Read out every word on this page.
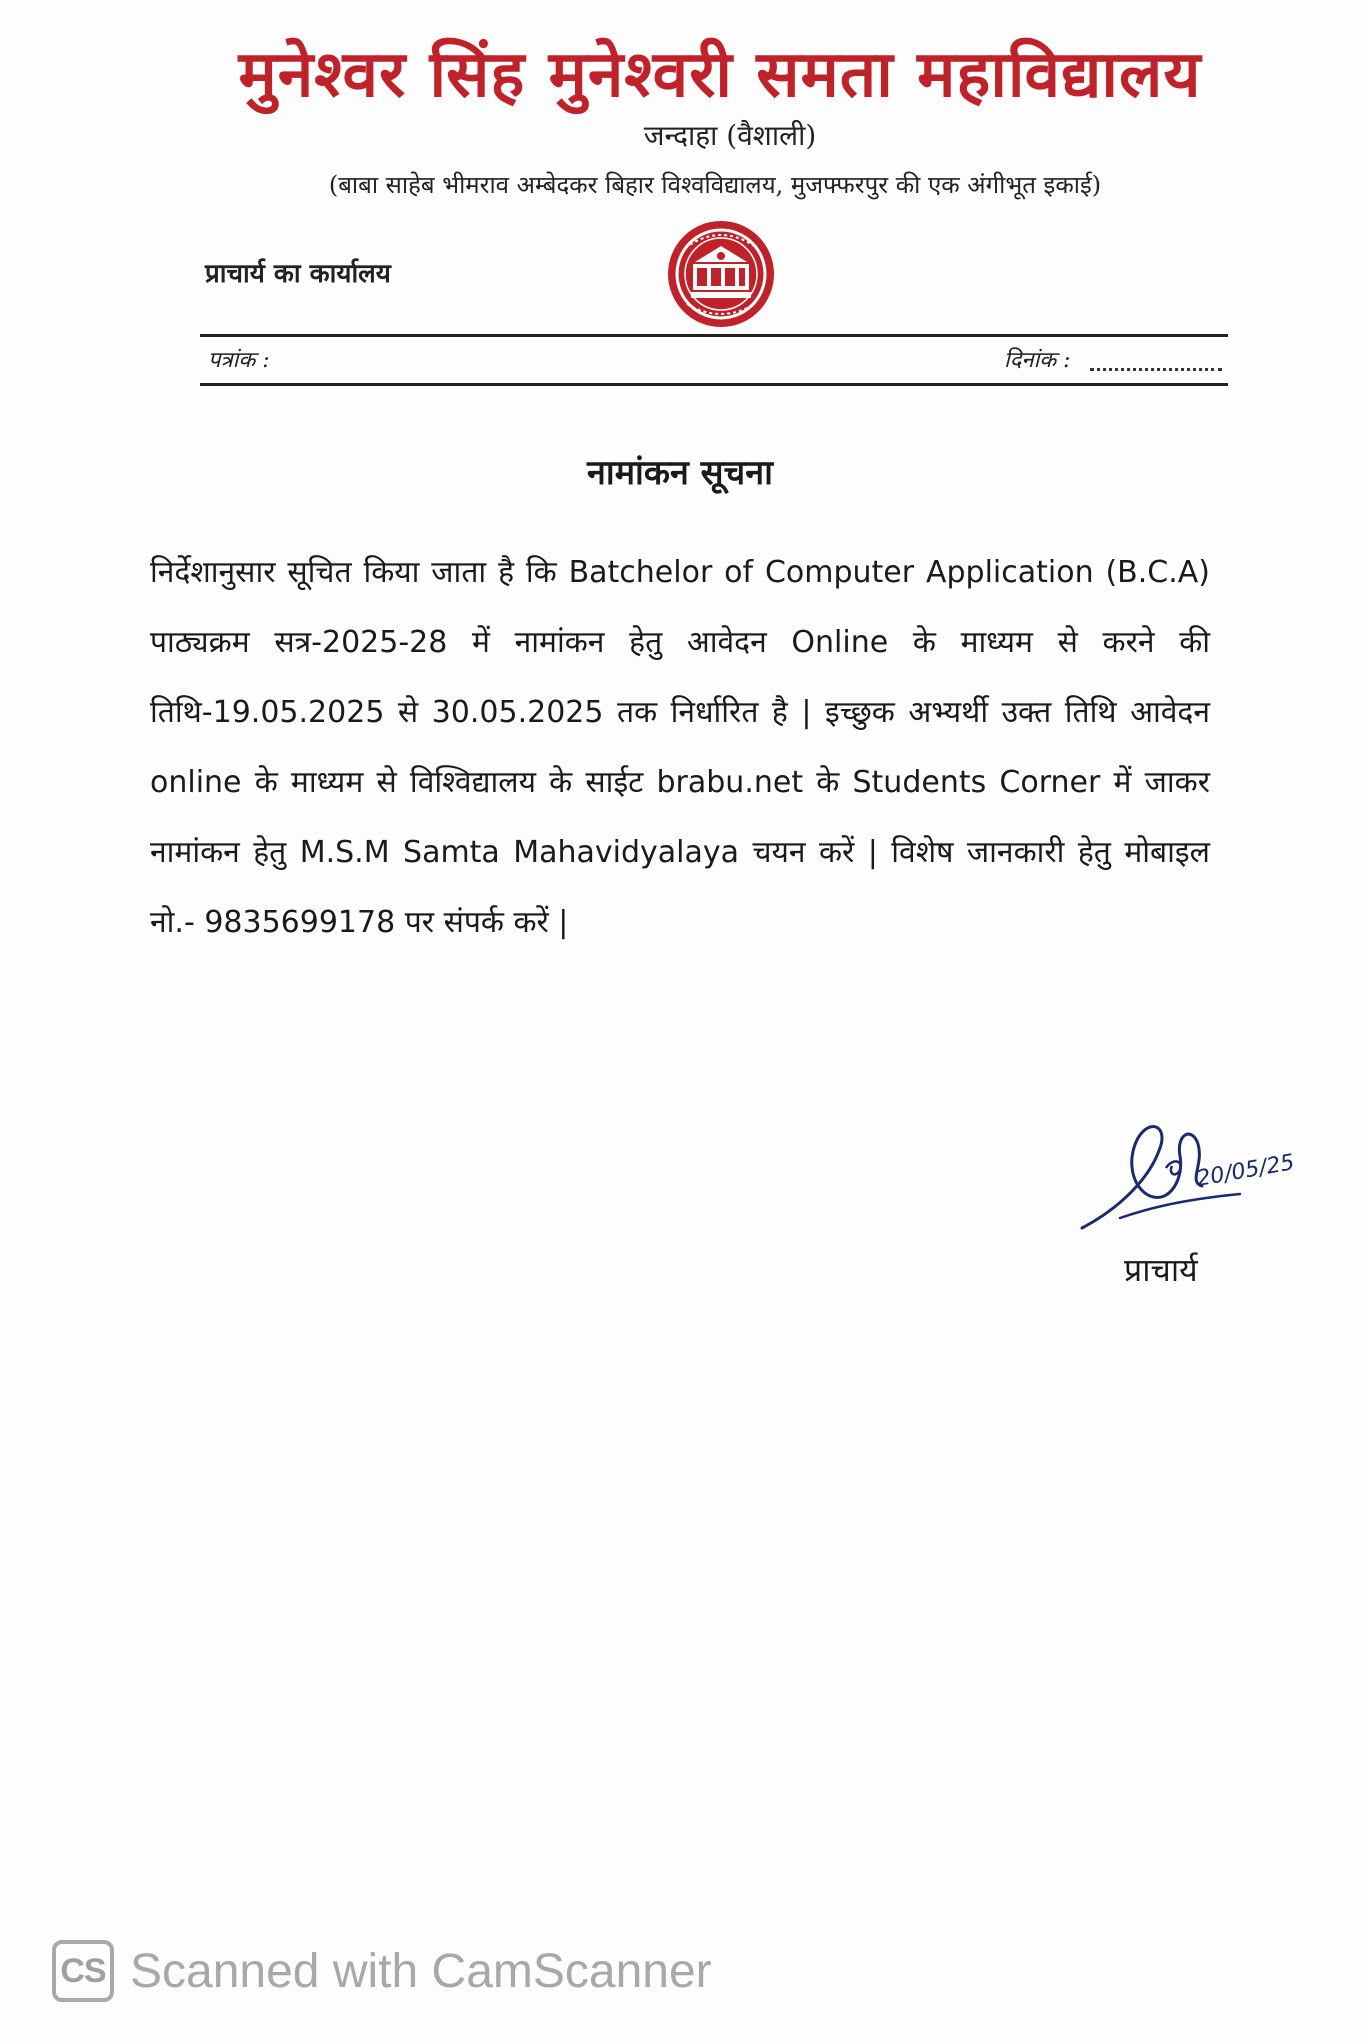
मुनेश्वर सिंह मुनेश्वरी समता महाविद्यालय
जन्दाहा (वैशाली)
(बाबा साहेब भीमराव अम्बेदकर बिहार विश्वविद्यालय, मुजफ्फरपुर की एक अंगीभूत इकाई)
प्राचार्य का कार्यालय
पत्रांक :	दिनांक :
नामांकन सूचना
निर्देशानुसार सूचित किया जाता है कि Batchelor of Computer Application (B.C.A) पाठ्यक्रम सत्र-2025-28 में नामांकन हेतु आवेदन Online के माध्यम से करने की तिथि-19.05.2025 से 30.05.2025 तक निर्धारित है | इच्छुक अभ्यर्थी उक्त तिथि आवेदन online के माध्यम से विश्विद्यालय के साईट brabu.net के Students Corner में जाकर नामांकन हेतु M.S.M Samta Mahavidyalaya चयन करें | विशेष जानकारी हेतु मोबाइल नो.- 9835699178 पर संपर्क करें |
20/05/25
प्राचार्य
CS Scanned with CamScanner
